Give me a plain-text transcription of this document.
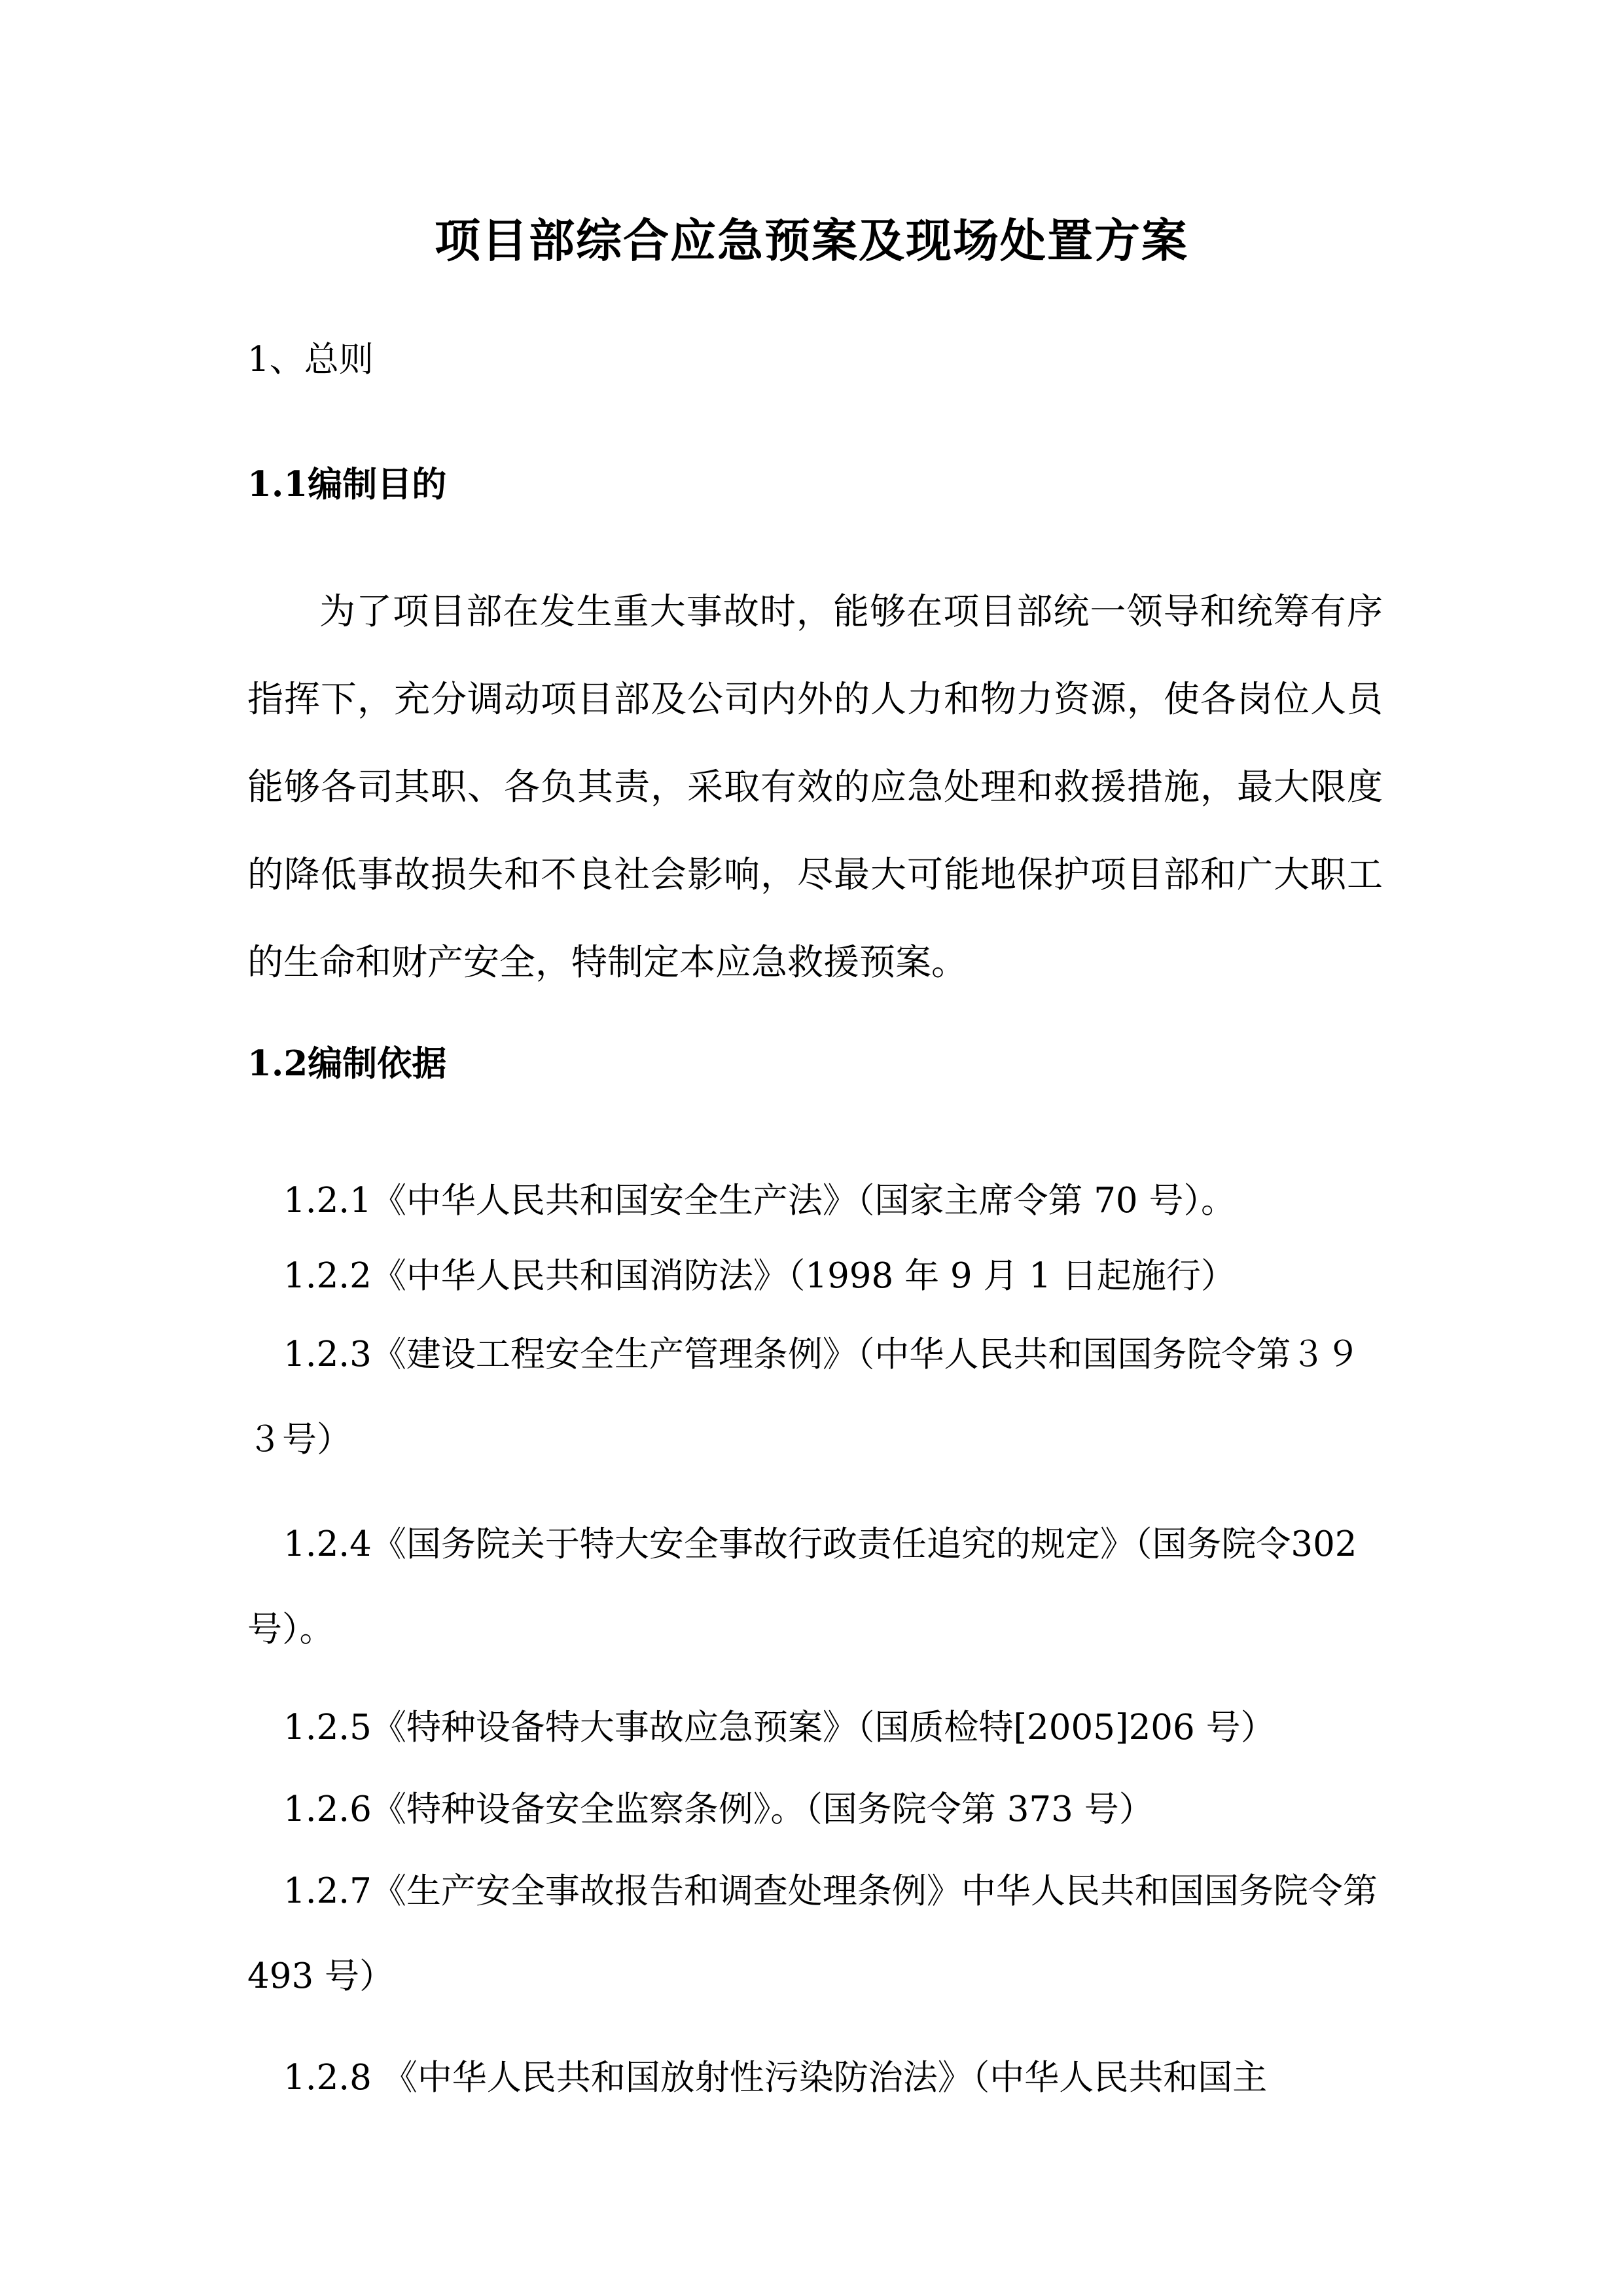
项目部综合应急预案及现场处置方案
1、总则
1.1编制目的

为了项目部在发生重大事故时，能够在项目部统一领导和统筹有序指挥下，充分调动项目部及公司内外的人力和物力资源，使各岗位人员能够各司其职、各负其责，采取有效的应急处理和救援措施，最大限度的降低事故损失和不良社会影响，尽最大可能地保护项目部和广大职工的生命和财产安全，特制定本应急救援预案。

1.2编制依据

1.2.1《中华人民共和国安全生产法》（国家主席令第 70 号）。

1.2.2《中华人民共和国消防法》（1998 年 9 月 1 日起施行）

1.2.3《建设工程安全生产管理条例》（中华人民共和国国务院令第３９３号）

1.2.4《国务院关于特大安全事故行政责任追究的规定》（国务院令302 号）。

1.2.5《特种设备特大事故应急预案》（国质检特[2005]206 号）

1.2.6《特种设备安全监察条例》。（国务院令第 373 号）

1.2.7《生产安全事故报告和调查处理条例》中华人民共和国国务院令第 493 号）

1.2.8 《中华人民共和国放射性污染防治法》（中华人民共和国主
